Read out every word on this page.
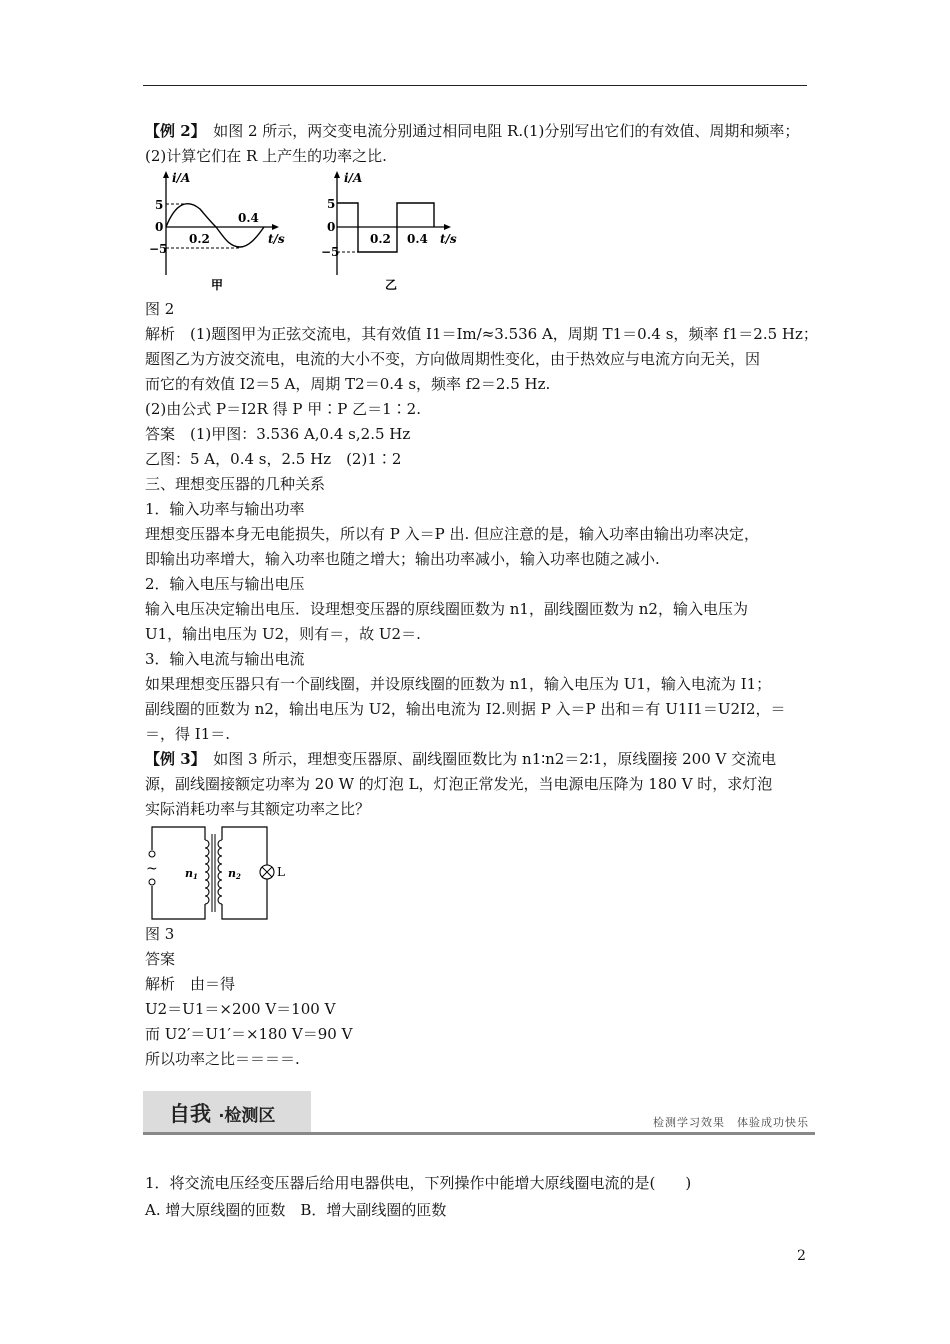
【例 2】　 如图 2 所示，两交变电流分别通过相同电阻 R.(1)分别写出它们的有效值、周期和频率；
(2)计算它们在 R 上产生的功率之比.
i/A
5
0
−5
0.2
0.4
t/s
甲
i/A
5
0
−5
0.2 0.4 t/s
乙
图 2
解析　(1)题图甲为正弦交流电，其有效值 I1＝Im/≈3.536 A，周期 T1＝0.4 s，频率 f1＝2.5 Hz；
题图乙为方波交流电，电流的大小不变，方向做周期性变化，由于热效应与电流方向无关，因
而它的有效值 I2＝5 A，周期 T2＝0.4 s，频率 f2＝2.5 Hz.
(2)由公式 P＝I2R 得 P 甲∶P 乙＝1∶2.
答案　(1)甲图：3.536 A,0.4 s,2.5 Hz
乙图：5 A，0.4 s，2.5 Hz　(2)1∶2
三、理想变压器的几种关系
1．输入功率与输出功率
理想变压器本身无电能损失，所以有 P 入＝P 出. 但应注意的是，输入功率由输出功率决定，
即输出功率增大，输入功率也随之增大；输出功率减小，输入功率也随之减小.
2．输入电压与输出电压
输入电压决定输出电压．设理想变压器的原线圈匝数为 n1，副线圈匝数为 n2，输入电压为
U1，输出电压为 U2，则有＝，故 U2＝.
3．输入电流与输出电流
如果理想变压器只有一个副线圈，并设原线圈的匝数为 n1，输入电压为 U1，输入电流为 I1；
副线圈的匝数为 n2，输出电压为 U2，输出电流为 I2.则据 P 入＝P 出和＝有 U1I1＝U2I2，＝
＝，得 I1＝.
【例 3】　 如图 3 所示，理想变压器原、副线圈匝数比为 n1∶n2＝2∶1，原线圈接 200 V 交流电
源，副线圈接额定功率为 20 W 的灯泡 L，灯泡正常发光，当电源电压降为 180 V 时，求灯泡
实际消耗功率与其额定功率之比？
~ n1	n2	L
图 3
答案
解析　由＝得
U2＝U1＝×200 V＝100 V
而 U2′＝U1′＝×180 V＝90 V
所以功率之比＝＝＝＝.
自我 ·检测区	检测学习效果　体验成功快乐
1．将交流电压经变压器后给用电器供电，下列操作中能增大原线圈电流的是(　　)
A. 增大原线圈的匝数　B．增大副线圈的匝数
2
